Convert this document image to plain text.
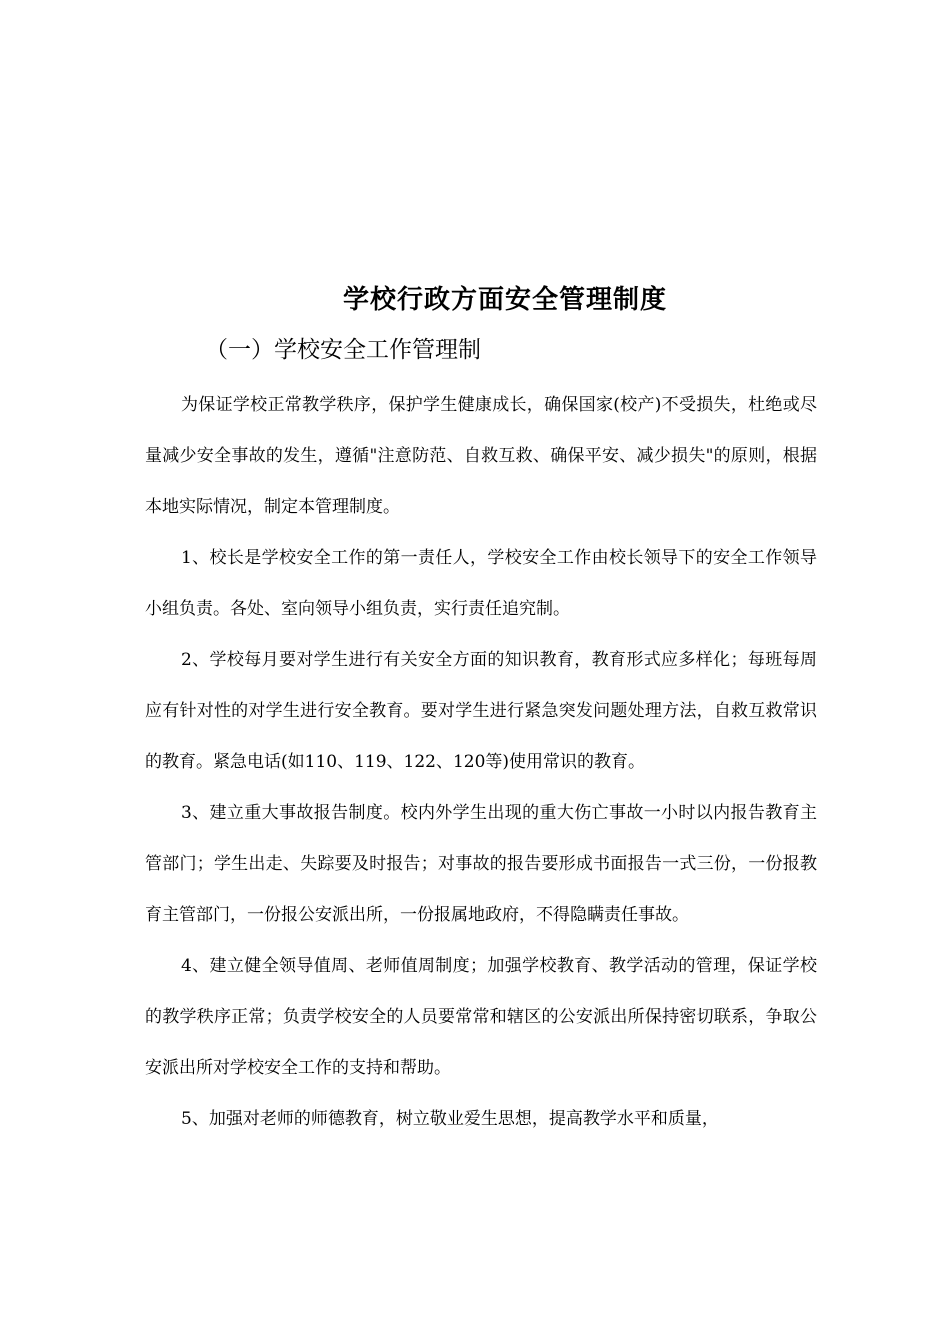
学校行政方面安全管理制度
（一）学校安全工作管理制

为保证学校正常教学秩序，保护学生健康成长，确保国家(校产)不受损失，杜绝或尽量减少安全事故的发生，遵循"注意防范、自救互救、确保平安、减少损失"的原则，根据本地实际情况，制定本管理制度。

1、校长是学校安全工作的第一责任人，学校安全工作由校长领导下的安全工作领导小组负责。各处、室向领导小组负责，实行责任追究制。

2、学校每月要对学生进行有关安全方面的知识教育，教育形式应多样化；每班每周应有针对性的对学生进行安全教育。要对学生进行紧急突发问题处理方法，自救互救常识的教育。紧急电话(如110、119、122、120等)使用常识的教育。

3、建立重大事故报告制度。校内外学生出现的重大伤亡事故一小时以内报告教育主管部门；学生出走、失踪要及时报告；对事故的报告要形成书面报告一式三份，一份报教育主管部门，一份报公安派出所，一份报属地政府，不得隐瞒责任事故。

4、建立健全领导值周、老师值周制度；加强学校教育、教学活动的管理，保证学校的教学秩序正常；负责学校安全的人员要常常和辖区的公安派出所保持密切联系，争取公安派出所对学校安全工作的支持和帮助。

5、加强对老师的师德教育，树立敬业爱生思想，提高教学水平和质量，
